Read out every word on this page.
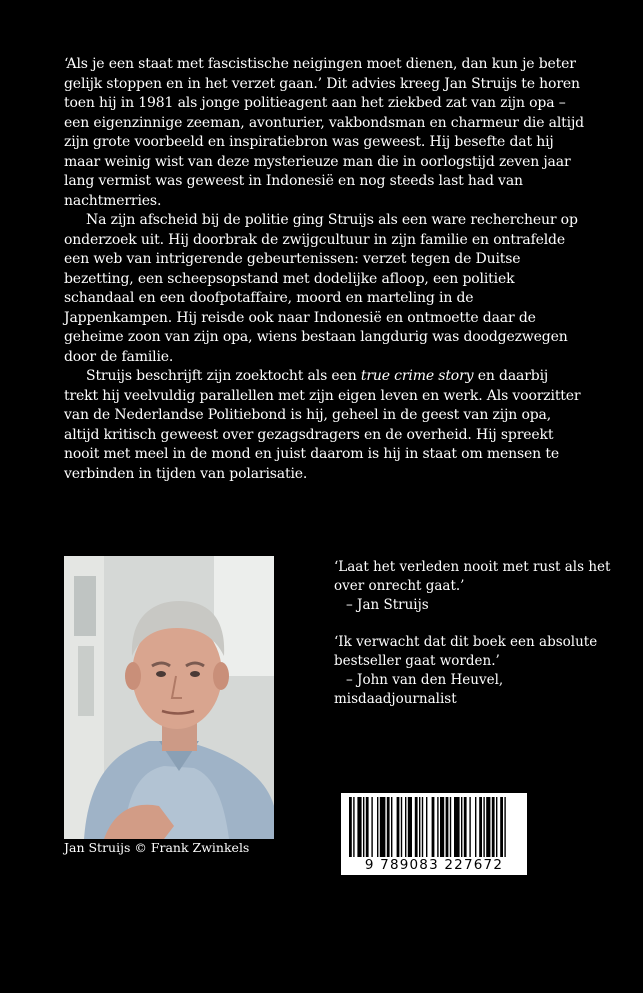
‘Als je een staat met fascistische neigingen moet dienen, dan kun je beter gelijk stoppen en in het verzet gaan.’ Dit advies kreeg Jan Struijs te horen toen hij in 1981 als jonge politieagent aan het ziekbed zat van zijn opa – een eigenzinnige zeeman, avonturier, vakbondsman en charmeur die altijd zijn grote voorbeeld en inspiratiebron was geweest. Hij besefte dat hij maar weinig wist van deze mysterieuze man die in oorlogstijd zeven jaar lang vermist was geweest in Indonesië en nog steeds last had van nachtmerries.

Na zijn afscheid bij de politie ging Struijs als een ware rechercheur op onderzoek uit. Hij doorbrak de zwijgcultuur in zijn familie en ontrafelde een web van intrigerende gebeurtenissen: verzet tegen de Duitse bezetting, een scheepsopstand met dodelijke afloop, een politiek schandaal en een doofpotaffaire, moord en marteling in de Jappenkampen. Hij reisde ook naar Indonesië en ontmoette daar de geheime zoon van zijn opa, wiens bestaan langdurig was doodgezwegen door de familie.

Struijs beschrijft zijn zoektocht als een true crime story en daarbij trekt hij veelvuldig parallellen met zijn eigen leven en werk. Als voorzitter van de Nederlandse Politiebond is hij, geheel in de geest van zijn opa, altijd kritisch geweest over gezagsdragers en de overheid. Hij spreekt nooit met meel in de mond en juist daarom is hij in staat om mensen te verbinden in tijden van polarisatie.

Jan Struijs © Frank Zwinkels

‘Laat het verleden nooit met rust als het over onrecht gaat.’

– Jan Struijs

‘Ik verwacht dat dit boek een absolute bestseller gaat worden.’

– John van den Heuvel,

misdaadjournalist

9 789083 227672
